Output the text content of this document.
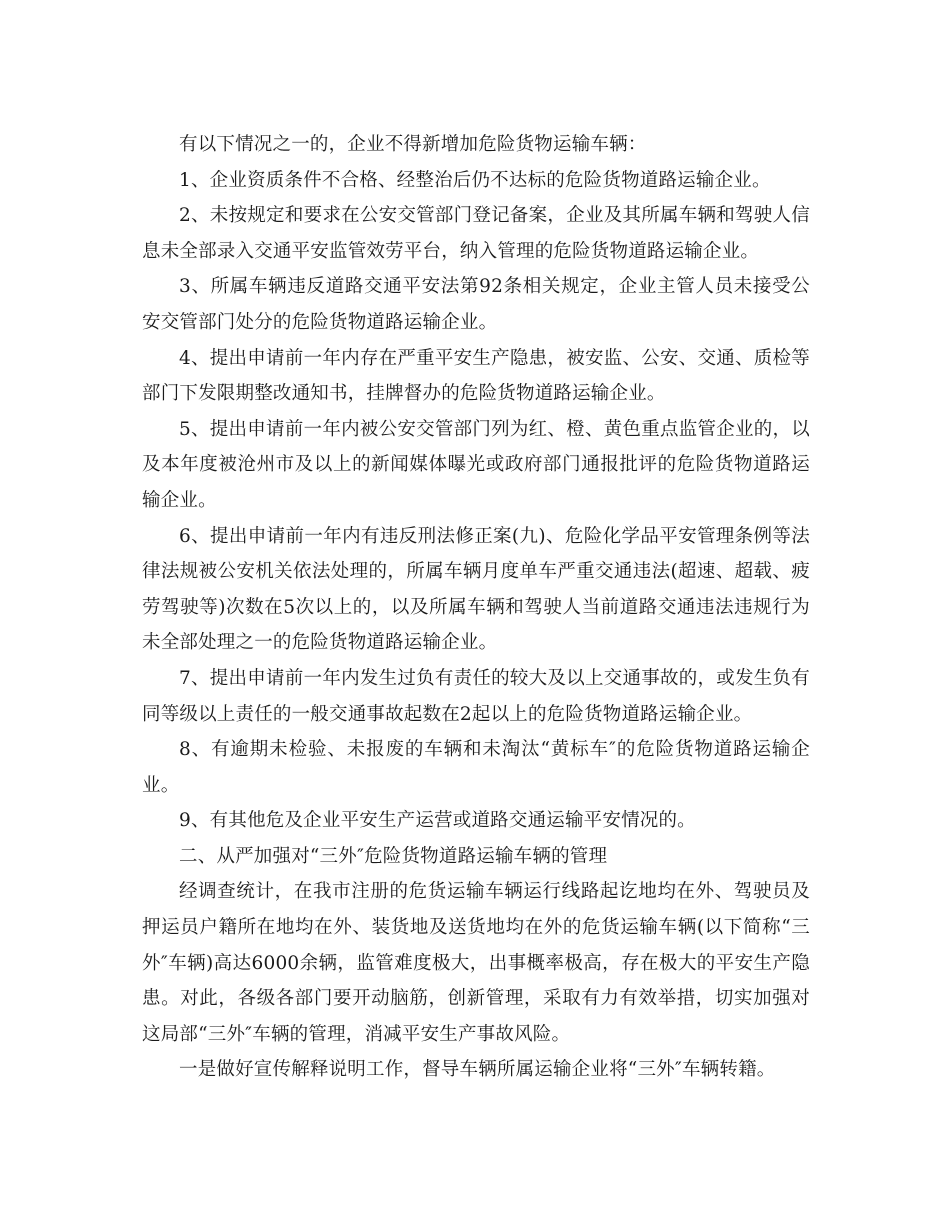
有以下情况之一的，企业不得新增加危险货物运输车辆：

1、企业资质条件不合格、经整治后仍不达标的危险货物道路运输企业。

2、未按规定和要求在公安交管部门登记备案，企业及其所属车辆和驾驶人信息未全部录入交通平安监管效劳平台，纳入管理的危险货物道路运输企业。

3、所属车辆违反道路交通平安法第92条相关规定，企业主管人员未接受公安交管部门处分的危险货物道路运输企业。

4、提出申请前一年内存在严重平安生产隐患，被安监、公安、交通、质检等部门下发限期整改通知书，挂牌督办的危险货物道路运输企业。

5、提出申请前一年内被公安交管部门列为红、橙、黄色重点监管企业的，以及本年度被沧州市及以上的新闻媒体曝光或政府部门通报批评的危险货物道路运输企业。

6、提出申请前一年内有违反刑法修正案(九)、危险化学品平安管理条例等法律法规被公安机关依法处理的，所属车辆月度单车严重交通违法(超速、超载、疲劳驾驶等)次数在5次以上的，以及所属车辆和驾驶人当前道路交通违法违规行为未全部处理之一的危险货物道路运输企业。

7、提出申请前一年内发生过负有责任的较大及以上交通事故的，或发生负有同等级以上责任的一般交通事故起数在2起以上的危险货物道路运输企业。

8、有逾期未检验、未报废的车辆和未淘汰“黄标车″的危险货物道路运输企业。

9、有其他危及企业平安生产运营或道路交通运输平安情况的。

二、从严加强对“三外″危险货物道路运输车辆的管理

经调查统计，在我市注册的危货运输车辆运行线路起讫地均在外、驾驶员及押运员户籍所在地均在外、装货地及送货地均在外的危货运输车辆(以下简称“三外″车辆)高达6000余辆，监管难度极大，出事概率极高，存在极大的平安生产隐患。对此，各级各部门要开动脑筋，创新管理，采取有力有效举措，切实加强对这局部“三外″车辆的管理，消减平安生产事故风险。

一是做好宣传解释说明工作，督导车辆所属运输企业将“三外″车辆转籍。
